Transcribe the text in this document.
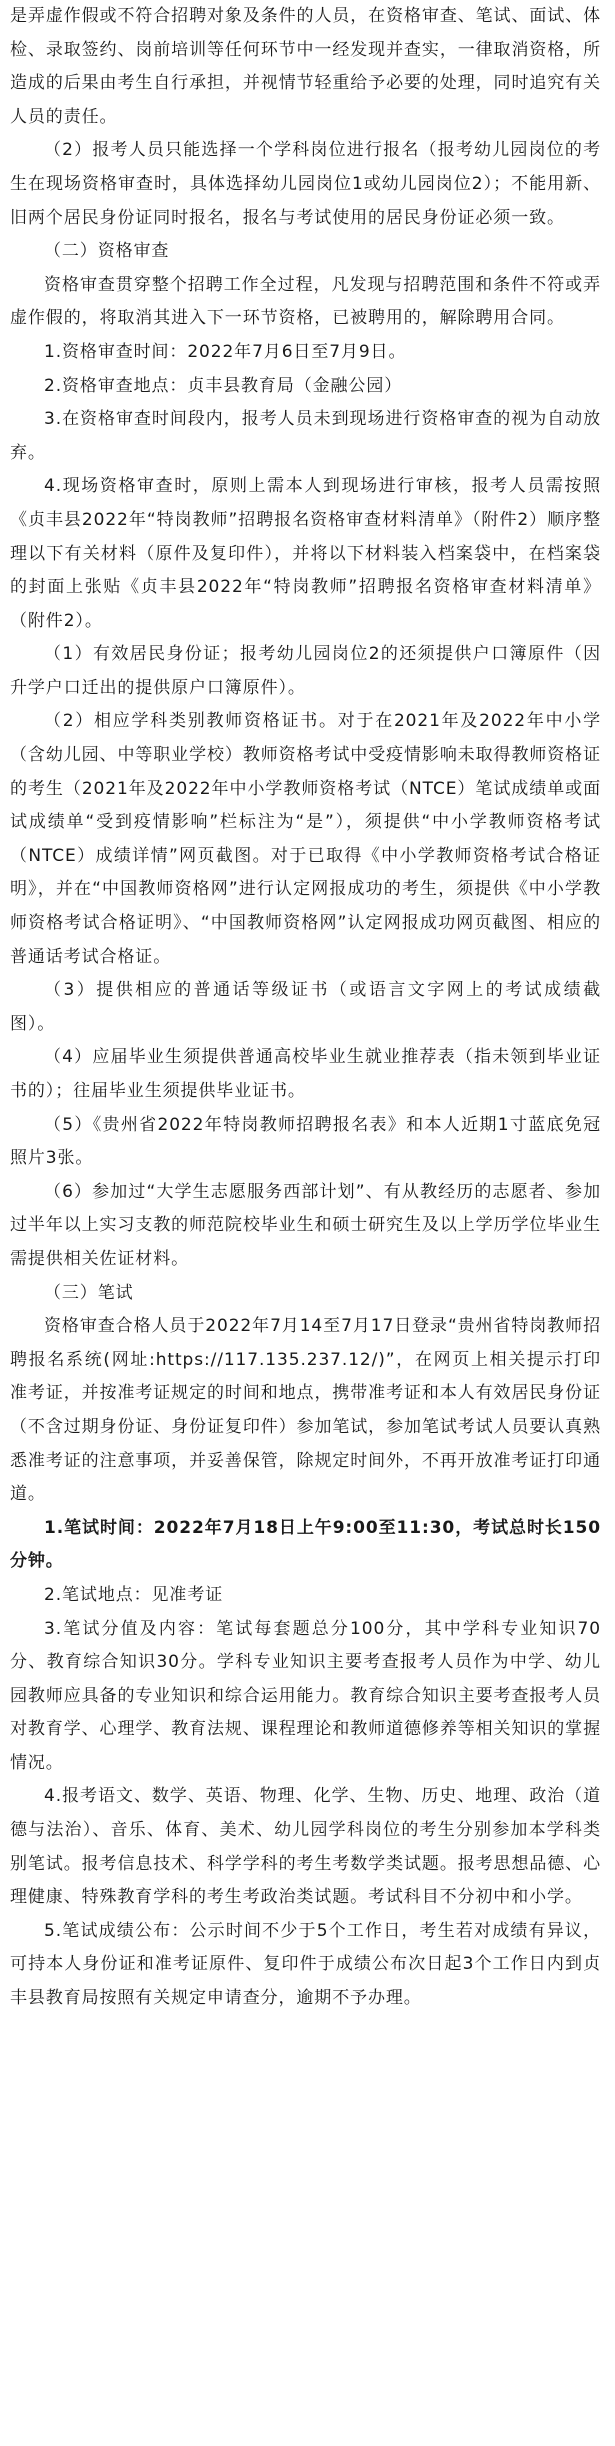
是弄虚作假或不符合招聘对象及条件的人员，在资格审查、笔试、面试、体检、录取签约、岗前培训等任何环节中一经发现并查实，一律取消资格，所造成的后果由考生自行承担，并视情节轻重给予必要的处理，同时追究有关人员的责任。

（2）报考人员只能选择一个学科岗位进行报名（报考幼儿园岗位的考生在现场资格审查时，具体选择幼儿园岗位1或幼儿园岗位2）；不能用新、旧两个居民身份证同时报名，报名与考试使用的居民身份证必须一致。

（二）资格审查

资格审查贯穿整个招聘工作全过程，凡发现与招聘范围和条件不符或弄虚作假的，将取消其进入下一环节资格，已被聘用的，解除聘用合同。

1.资格审查时间：2022年7月6日至7月9日。

2.资格审查地点：贞丰县教育局（金融公园）

3.在资格审查时间段内，报考人员未到现场进行资格审查的视为自动放弃。

4.现场资格审查时，原则上需本人到现场进行审核，报考人员需按照《贞丰县2022年“特岗教师”招聘报名资格审查材料清单》（附件2）顺序整理以下有关材料（原件及复印件），并将以下材料装入档案袋中，在档案袋的封面上张贴《贞丰县2022年“特岗教师”招聘报名资格审查材料清单》（附件2）。

（1）有效居民身份证；报考幼儿园岗位2的还须提供户口簿原件（因升学户口迁出的提供原户口簿原件）。

（2）相应学科类别教师资格证书。对于在2021年及2022年中小学（含幼儿园、中等职业学校）教师资格考试中受疫情影响未取得教师资格证的考生（2021年及2022年中小学教师资格考试（NTCE）笔试成绩单或面试成绩单“受到疫情影响”栏标注为“是”），须提供“中小学教师资格考试（NTCE）成绩详情”网页截图。对于已取得《中小学教师资格考试合格证明》，并在“中国教师资格网”进行认定网报成功的考生，须提供《中小学教师资格考试合格证明》、“中国教师资格网”认定网报成功网页截图、相应的普通话考试合格证。

（3）提供相应的普通话等级证书（或语言文字网上的考试成绩截图）。

（4）应届毕业生须提供普通高校毕业生就业推荐表（指未领到毕业证书的）；往届毕业生须提供毕业证书。

（5）《贵州省2022年特岗教师招聘报名表》和本人近期1寸蓝底免冠照片3张。

（6）参加过“大学生志愿服务西部计划”、有从教经历的志愿者、参加过半年以上实习支教的师范院校毕业生和硕士研究生及以上学历学位毕业生需提供相关佐证材料。

（三）笔试

资格审查合格人员于2022年7月14至7月17日登录“贵州省特岗教师招聘报名系统(网址:https://117.135.237.12/)”，在网页上相关提示打印准考证，并按准考证规定的时间和地点，携带准考证和本人有效居民身份证（不含过期身份证、身份证复印件）参加笔试，参加笔试考试人员要认真熟悉准考证的注意事项，并妥善保管，除规定时间外，不再开放准考证打印通道。

1.笔试时间：2022年7月18日上午9:00至11:30，考试总时长150分钟。

2.笔试地点：见准考证

3.笔试分值及内容：笔试每套题总分100分，其中学科专业知识70分、教育综合知识30分。学科专业知识主要考查报考人员作为中学、幼儿园教师应具备的专业知识和综合运用能力。教育综合知识主要考查报考人员对教育学、心理学、教育法规、课程理论和教师道德修养等相关知识的掌握情况。

4.报考语文、数学、英语、物理、化学、生物、历史、地理、政治（道德与法治）、音乐、体育、美术、幼儿园学科岗位的考生分别参加本学科类别笔试。报考信息技术、科学学科的考生考数学类试题。报考思想品德、心理健康、特殊教育学科的考生考政治类试题。考试科目不分初中和小学。

5.笔试成绩公布：公示时间不少于5个工作日，考生若对成绩有异议，可持本人身份证和准考证原件、复印件于成绩公布次日起3个工作日内到贞丰县教育局按照有关规定申请查分，逾期不予办理。
